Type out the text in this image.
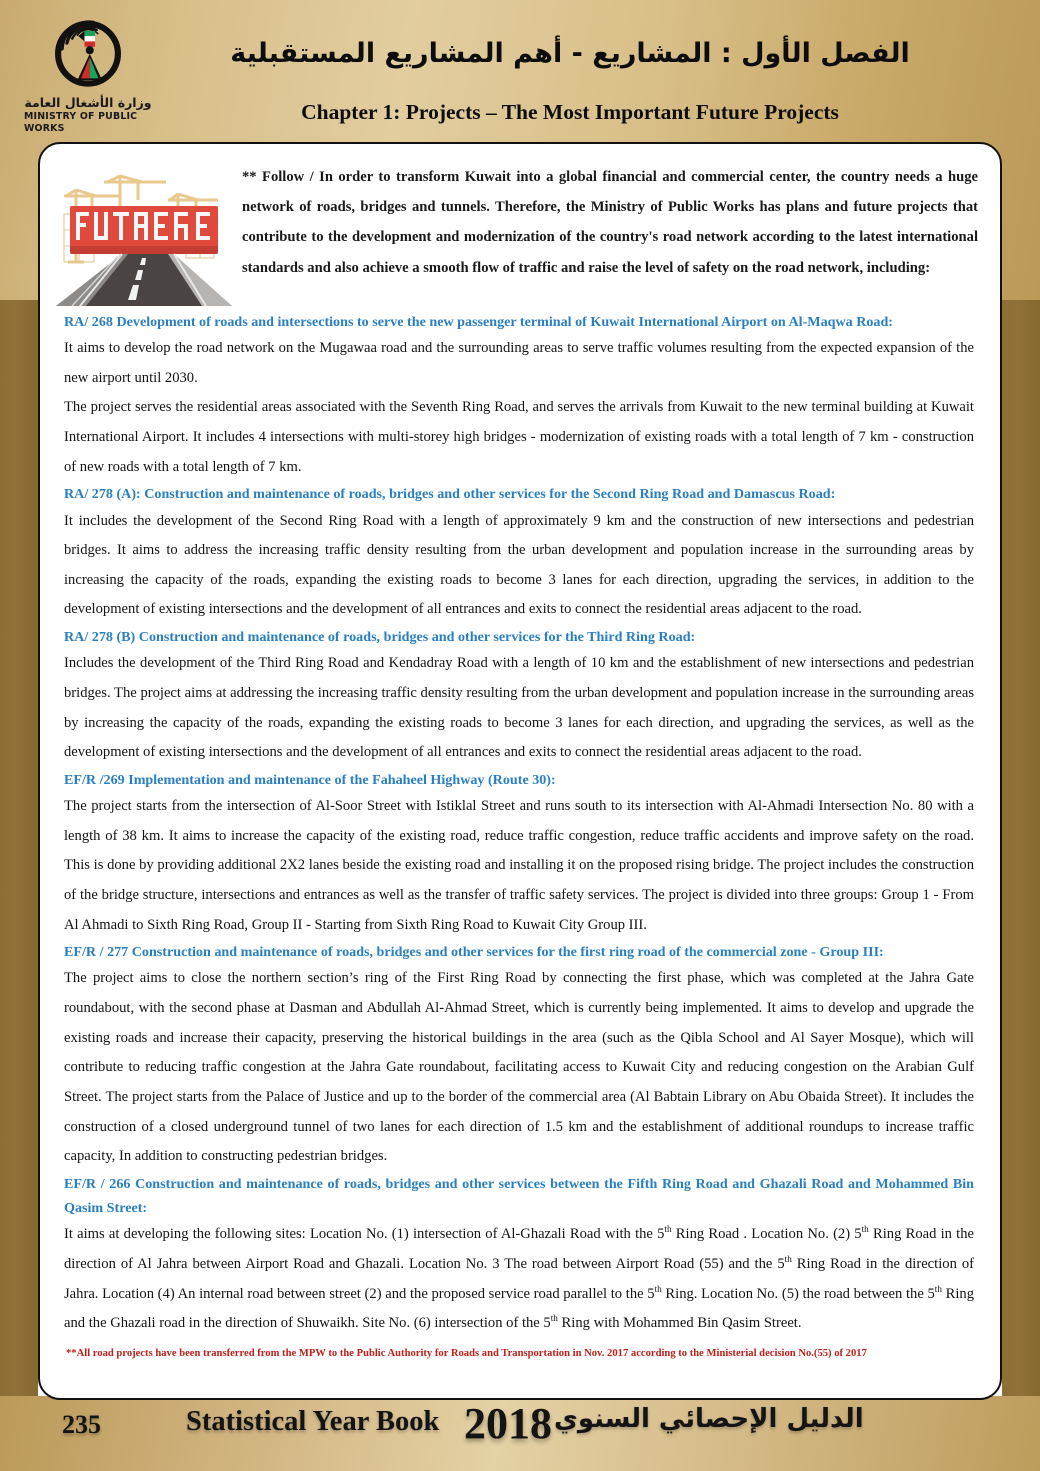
وزارة الأشغال العامة
MINISTRY OF PUBLIC WORKS
الفصل الأول : المشاريع - أهم المشاريع المستقبلية
Chapter 1: Projects – The Most Important Future Projects
** Follow / In order to transform Kuwait into a global financial and commercial center, the country needs a huge network of roads, bridges and tunnels. Therefore, the Ministry of Public Works has plans and future projects that contribute to the development and modernization of the country's road network according to the latest international standards and also achieve a smooth flow of traffic and raise the level of safety on the road network, including:
RA/ 268 Development of roads and intersections to serve the new passenger terminal of Kuwait International Airport on Al-Maqwa Road:

It aims to develop the road network on the Mugawaa road and the surrounding areas to serve traffic volumes resulting from the expected expansion of the new airport until 2030.

The project serves the residential areas associated with the Seventh Ring Road, and serves the arrivals from Kuwait to the new terminal building at Kuwait International Airport. It includes 4 intersections with multi-storey high bridges - modernization of existing roads with a total length of 7 km - construction of new roads with a total length of 7 km.

RA/ 278 (A): Construction and maintenance of roads, bridges and other services for the Second Ring Road and Damascus Road:

It includes the development of the Second Ring Road with a length of approximately 9 km and the construction of new intersections and pedestrian bridges. It aims to address the increasing traffic density resulting from the urban development and population increase in the surrounding areas by increasing the capacity of the roads, expanding the existing roads to become 3 lanes for each direction, upgrading the services, in addition to the development of existing intersections and the development of all entrances and exits to connect the residential areas adjacent to the road.

RA/ 278 (B) Construction and maintenance of roads, bridges and other services for the Third Ring Road:

Includes the development of the Third Ring Road and Kendadray Road with a length of 10 km and the establishment of new intersections and pedestrian bridges. The project aims at addressing the increasing traffic density resulting from the urban development and population increase in the surrounding areas by increasing the capacity of the roads, expanding the existing roads to become 3 lanes for each direction, and upgrading the services, as well as the development of existing intersections and the development of all entrances and exits to connect the residential areas adjacent to the road.

EF/R /269 Implementation and maintenance of the Fahaheel Highway (Route 30):

The project starts from the intersection of Al-Soor Street with Istiklal Street and runs south to its intersection with Al-Ahmadi Intersection No. 80 with a length of 38 km. It aims to increase the capacity of the existing road, reduce traffic congestion, reduce traffic accidents and improve safety on the road. This is done by providing additional 2X2 lanes beside the existing road and installing it on the proposed rising bridge. The project includes the construction of the bridge structure, intersections and entrances as well as the transfer of traffic safety services. The project is divided into three groups: Group 1 - From Al Ahmadi to Sixth Ring Road, Group II - Starting from Sixth Ring Road to Kuwait City Group III.

EF/R / 277 Construction and maintenance of roads, bridges and other services for the first ring road of the commercial zone - Group III:

The project aims to close the northern section’s ring of the First Ring Road by connecting the first phase, which was completed at the Jahra Gate roundabout, with the second phase at Dasman and Abdullah Al-Ahmad Street, which is currently being implemented. It aims to develop and upgrade the existing roads and increase their capacity, preserving the historical buildings in the area (such as the Qibla School and Al Sayer Mosque), which will contribute to reducing traffic congestion at the Jahra Gate roundabout, facilitating access to Kuwait City and reducing congestion on the Arabian Gulf Street. The project starts from the Palace of Justice and up to the border of the commercial area (Al Babtain Library on Abu Obaida Street). It includes the construction of a closed underground tunnel of two lanes for each direction of 1.5 km and the establishment of additional roundups to increase traffic capacity, In addition to constructing pedestrian bridges.

EF/R / 266 Construction and maintenance of roads, bridges and other services between the Fifth Ring Road and Ghazali Road and Mohammed Bin Qasim Street:

It aims at developing the following sites: Location No. (1) intersection of Al-Ghazali Road with the 5th Ring Road . Location No. (2) 5th Ring Road in the direction of Al Jahra between Airport Road and Ghazali. Location No. 3 The road between Airport Road (55) and the 5th Ring Road in the direction of Jahra. Location (4) An internal road between street (2) and the proposed service road parallel to the 5th Ring. Location No. (5) the road between the 5th Ring and the Ghazali road in the direction of Shuwaikh. Site No. (6) intersection of the 5th Ring with Mohammed Bin Qasim Street.

**All road projects have been transferred from the MPW to the Public Authority for Roads and Transportation in Nov. 2017 according to the Ministerial decision No.(55) of 2017
235	Statistical Year Book 2018 الدليل الإحصائي السنوي
